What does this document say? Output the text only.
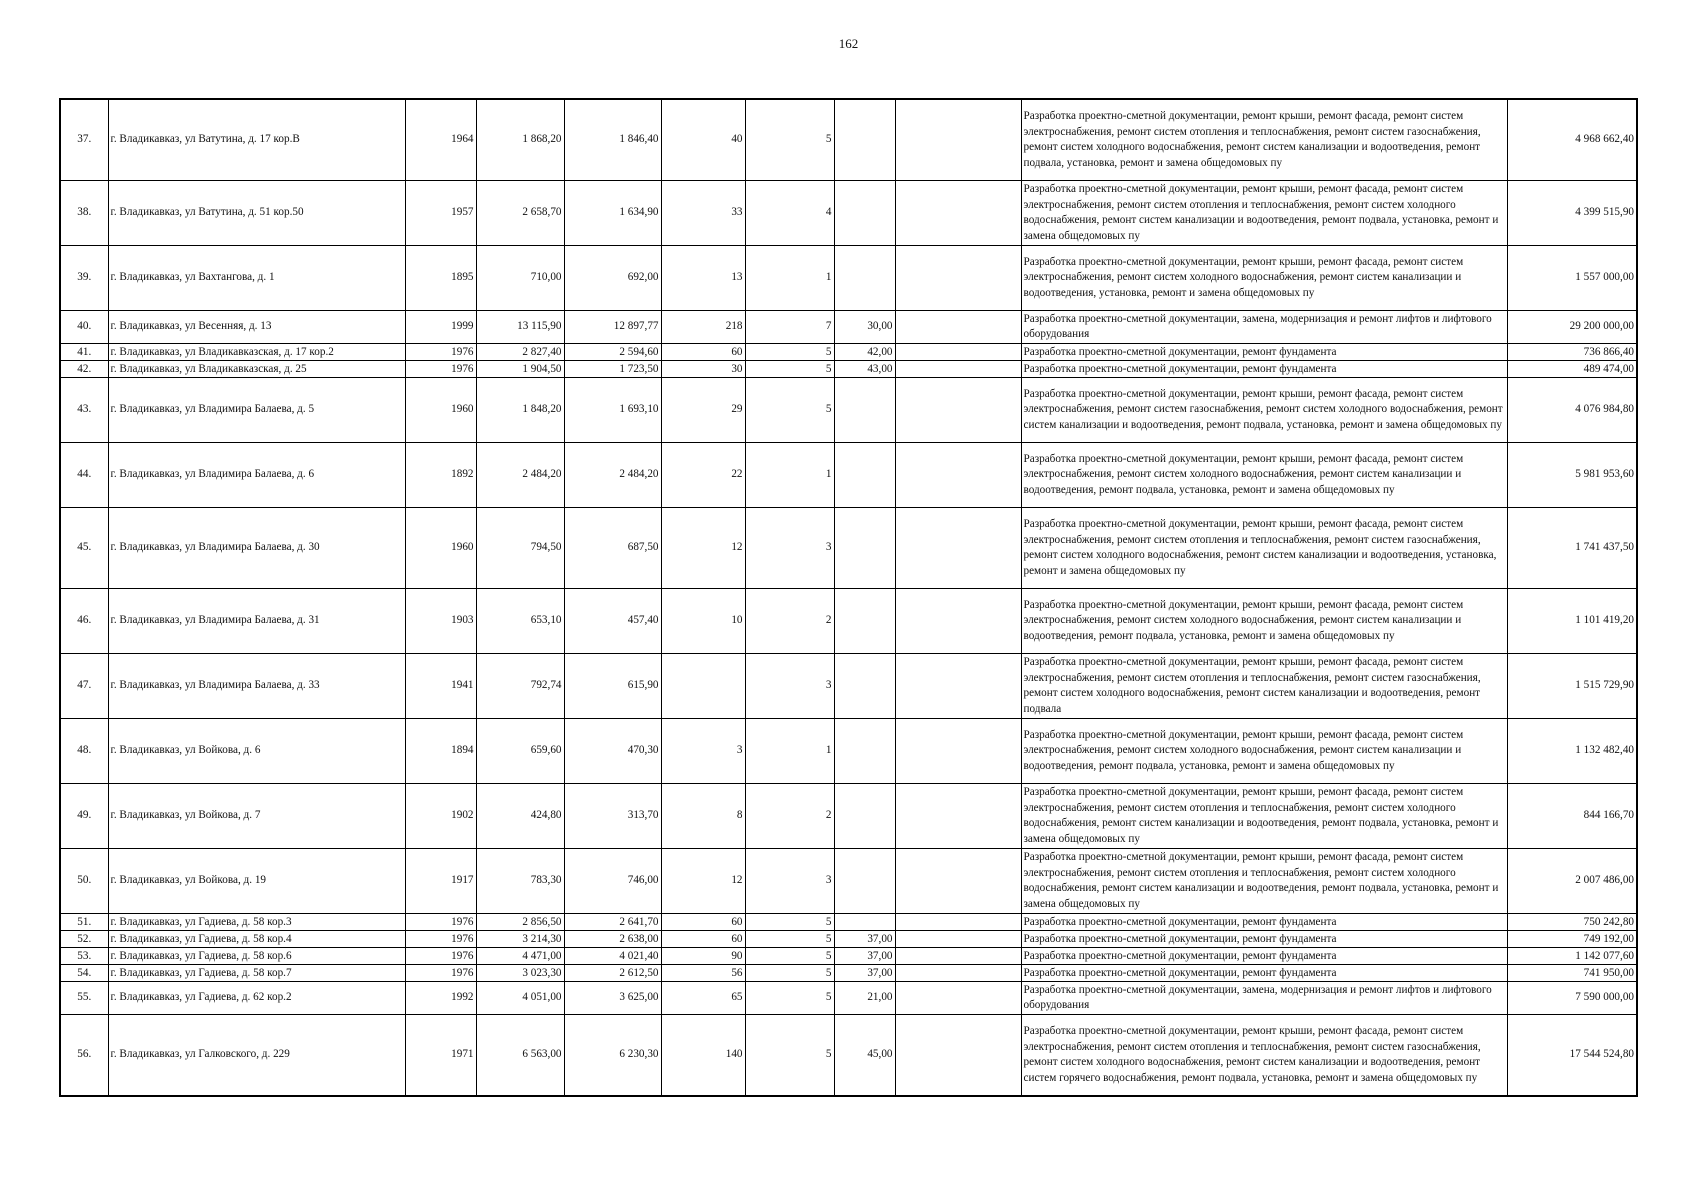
162
37.	г. Владикавказ, ул Ватутина, д. 17 кор.В	1964	1 868,20	1 846,40	40	5			Разработка проектно-сметной документации, ремонт крыши, ремонт фасада, ремонт систем электроснабжения, ремонт систем отопления и теплоснабжения, ремонт систем газоснабжения, ремонт систем холодного водоснабжения, ремонт систем канализации и водоотведения, ремонт подвала, установка, ремонт и замена общедомовых пу	4 968 662,40
38.	г. Владикавказ, ул Ватутина, д. 51 кор.50	1957	2 658,70	1 634,90	33	4			Разработка проектно-сметной документации, ремонт крыши, ремонт фасада, ремонт систем электроснабжения, ремонт систем отопления и теплоснабжения, ремонт систем холодного водоснабжения, ремонт систем канализации и водоотведения, ремонт подвала, установка, ремонт и замена общедомовых пу	4 399 515,90
39.	г. Владикавказ, ул Вахтангова, д. 1	1895	710,00	692,00	13	1			Разработка проектно-сметной документации, ремонт крыши, ремонт фасада, ремонт систем электроснабжения, ремонт систем холодного водоснабжения, ремонт систем канализации и водоотведения, установка, ремонт и замена общедомовых пу	1 557 000,00
40.	г. Владикавказ, ул Весенняя, д. 13	1999	13 115,90	12 897,77	218	7	30,00		Разработка проектно-сметной документации, замена, модернизация и ремонт лифтов и лифтового оборудования	29 200 000,00
41.	г. Владикавказ, ул Владикавказская, д. 17 кор.2	1976	2 827,40	2 594,60	60	5	42,00		Разработка проектно-сметной документации, ремонт фундамента	736 866,40
42.	г. Владикавказ, ул Владикавказская, д. 25	1976	1 904,50	1 723,50	30	5	43,00		Разработка проектно-сметной документации, ремонт фундамента	489 474,00
43.	г. Владикавказ, ул Владимира Балаева, д. 5	1960	1 848,20	1 693,10	29	5			Разработка проектно-сметной документации, ремонт крыши, ремонт фасада, ремонт систем электроснабжения, ремонт систем газоснабжения, ремонт систем холодного водоснабжения, ремонт систем канализации и водоотведения, ремонт подвала, установка, ремонт и замена общедомовых пу	4 076 984,80
44.	г. Владикавказ, ул Владимира Балаева, д. 6	1892	2 484,20	2 484,20	22	1			Разработка проектно-сметной документации, ремонт крыши, ремонт фасада, ремонт систем электроснабжения, ремонт систем холодного водоснабжения, ремонт систем канализации и водоотведения, ремонт подвала, установка, ремонт и замена общедомовых пу	5 981 953,60
45.	г. Владикавказ, ул Владимира Балаева, д. 30	1960	794,50	687,50	12	3			Разработка проектно-сметной документации, ремонт крыши, ремонт фасада, ремонт систем электроснабжения, ремонт систем отопления и теплоснабжения, ремонт систем газоснабжения, ремонт систем холодного водоснабжения, ремонт систем канализации и водоотведения, установка, ремонт и замена общедомовых пу	1 741 437,50
46.	г. Владикавказ, ул Владимира Балаева, д. 31	1903	653,10	457,40	10	2			Разработка проектно-сметной документации, ремонт крыши, ремонт фасада, ремонт систем электроснабжения, ремонт систем холодного водоснабжения, ремонт систем канализации и водоотведения, ремонт подвала, установка, ремонт и замена общедомовых пу	1 101 419,20
47.	г. Владикавказ, ул Владимира Балаева, д. 33	1941	792,74	615,90		3			Разработка проектно-сметной документации, ремонт крыши, ремонт фасада, ремонт систем электроснабжения, ремонт систем отопления и теплоснабжения, ремонт систем газоснабжения, ремонт систем холодного водоснабжения, ремонт систем канализации и водоотведения, ремонт подвала	1 515 729,90
48.	г. Владикавказ, ул Войкова, д. 6	1894	659,60	470,30	3	1			Разработка проектно-сметной документации, ремонт крыши, ремонт фасада, ремонт систем электроснабжения, ремонт систем холодного водоснабжения, ремонт систем канализации и водоотведения, ремонт подвала, установка, ремонт и замена общедомовых пу	1 132 482,40
49.	г. Владикавказ, ул Войкова, д. 7	1902	424,80	313,70	8	2			Разработка проектно-сметной документации, ремонт крыши, ремонт фасада, ремонт систем электроснабжения, ремонт систем отопления и теплоснабжения, ремонт систем холодного водоснабжения, ремонт систем канализации и водоотведения, ремонт подвала, установка, ремонт и замена общедомовых пу	844 166,70
50.	г. Владикавказ, ул Войкова, д. 19	1917	783,30	746,00	12	3			Разработка проектно-сметной документации, ремонт крыши, ремонт фасада, ремонт систем электроснабжения, ремонт систем отопления и теплоснабжения, ремонт систем холодного водоснабжения, ремонт систем канализации и водоотведения, ремонт подвала, установка, ремонт и замена общедомовых пу	2 007 486,00
51.	г. Владикавказ, ул Гадиева, д. 58 кор.3	1976	2 856,50	2 641,70	60	5			Разработка проектно-сметной документации, ремонт фундамента	750 242,80
52.	г. Владикавказ, ул Гадиева, д. 58 кор.4	1976	3 214,30	2 638,00	60	5	37,00		Разработка проектно-сметной документации, ремонт фундамента	749 192,00
53.	г. Владикавказ, ул Гадиева, д. 58 кор.6	1976	4 471,00	4 021,40	90	5	37,00		Разработка проектно-сметной документации, ремонт фундамента	1 142 077,60
54.	г. Владикавказ, ул Гадиева, д. 58 кор.7	1976	3 023,30	2 612,50	56	5	37,00		Разработка проектно-сметной документации, ремонт фундамента	741 950,00
55.	г. Владикавказ, ул Гадиева, д. 62 кор.2	1992	4 051,00	3 625,00	65	5	21,00		Разработка проектно-сметной документации, замена, модернизация и ремонт лифтов и лифтового оборудования	7 590 000,00
56.	г. Владикавказ, ул Галковского, д. 229	1971	6 563,00	6 230,30	140	5	45,00		Разработка проектно-сметной документации, ремонт крыши, ремонт фасада, ремонт систем электроснабжения, ремонт систем отопления и теплоснабжения, ремонт систем газоснабжения, ремонт систем холодного водоснабжения, ремонт систем канализации и водоотведения, ремонт систем горячего водоснабжения, ремонт подвала, установка, ремонт и замена общедомовых пу	17 544 524,80
